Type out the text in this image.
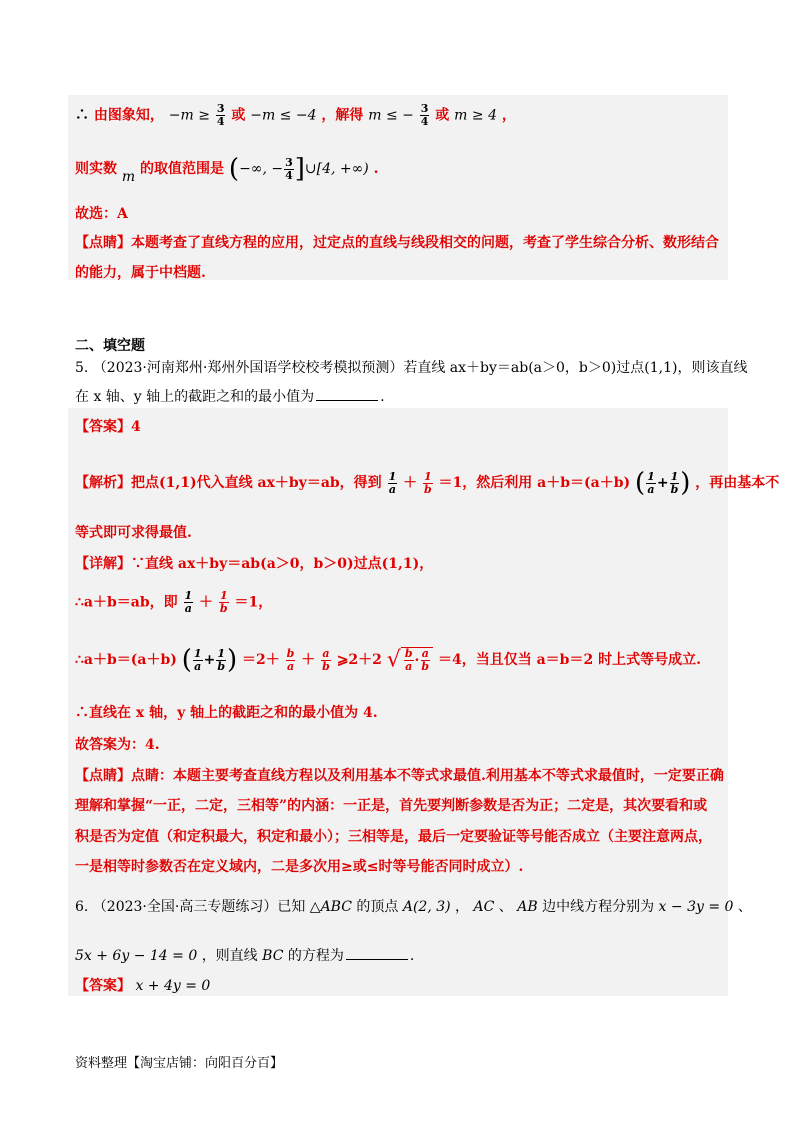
∴ 由图象知， $-m \ge \frac{3}{4}$ 或 −m ≤ −4 ，解得 m ≤ − $\frac{3}{4}$ 或 m ≥ 4 ，
则实数 m 的取值范围是 (−∞, − $\frac{3}{4}$ ]∪[4, +∞) .
故选：A
【点睛】本题考查了直线方程的应用，过定点的直线与线段相交的问题，考查了学生综合分析、数形结合
的能力，属于中档题.
二、填空题
5. （2023·河南郑州·郑州外国语学校校考模拟预测）若直线 ax＋by＝ab(a＞0，b＞0)过点(1,1)，则该直线
在 x 轴、y 轴上的截距之和的最小值为	.
【答案】4
【解析】把点(1,1)代入直线 ax＋by＝ab，得到 $\frac{1}{a} + \frac{1}{b} =1$，然后利用 a＋b＝(a＋b) ( $\frac{1}{a} + \frac{1}{b}$ ) ，再由基本不
等式即可求得最值.
【详解】∵直线 ax＋by＝ab(a＞0，b＞0)过点(1,1)，
∴a＋b＝ab，即 $\frac{1}{a} + \frac{1}{b} =1$，
∴a＋b＝(a＋b) ( $\frac{1}{a} + \frac{1}{b}$ ) $=2+ \frac{b}{a} + \frac{a}{b}$ ⩾2＋2 √ $\frac{b}{a} \cdot \frac{a}{b} =4$，当且仅当 a＝b＝2 时上式等号成立.
∴直线在 x 轴，y 轴上的截距之和的最小值为 4.
故答案为：4.
【点睛】点睛：本题主要考查直线方程以及利用基本不等式求最值.利用基本不等式求最值时，一定要正确
理解和掌握“一正，二定，三相等”的内涵：一正是，首先要判断参数是否为正；二定是，其次要看和或
积是否为定值（和定积最大，积定和最小）；三相等是，最后一定要验证等号能否成立（主要注意两点，
一是相等时参数否在定义域内，二是多次用≥或≤时等号能否同时成立）.
6. （2023·全国·高三专题练习）已知 △ABC 的顶点 A(2, 3) ， AC 、 AB 边中线方程分别为 x − 3y = 0 、
5x + 6y − 14 = 0 ，则直线 BC 的方程为	.
【答案】 x + 4y = 0
资料整理【淘宝店铺：向阳百分百】
